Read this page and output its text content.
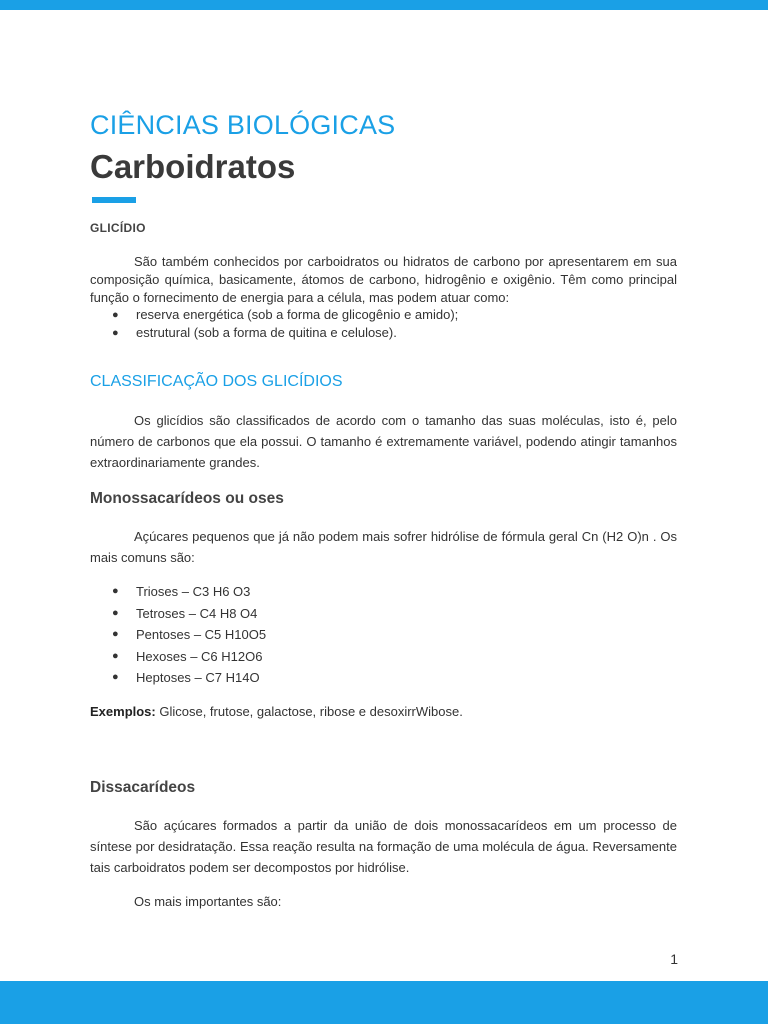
CIÊNCIAS BIOLÓGICAS
Carboidratos
GLICÍDIO

São também conhecidos por carboidratos ou hidratos de carbono por apresentarem em sua composição química, basicamente, átomos de carbono, hidrogênio e oxigênio. Têm como principal função o fornecimento de energia para a célula, mas podem atuar como:

● reserva energética (sob a forma de glicogênio e amido);
● estrutural (sob a forma de quitina e celulose).
CLASSIFICAÇÃO DOS GLICÍDIOS

Os glicídios são classificados de acordo com o tamanho das suas moléculas, isto é, pelo número de carbonos que ela possui. O tamanho é extremamente variável, podendo atingir tamanhos extraordinariamente grandes.

Monossacarídeos ou oses

Açúcares pequenos que já não podem mais sofrer hidrólise de fórmula geral Cn (H2 O)n . Os mais comuns são:

● Trioses – C3 H6 O3
● Tetroses – C4 H8 O4
● Pentoses – C5 H10O5
● Hexoses – C6 H12O6
● Heptoses – C7 H14O
Exemplos: Glicose, frutose, galactose, ribose e desoxirrWibose.
Dissacarídeos

São açúcares formados a partir da união de dois monossacarídeos em um processo de síntese por desidratação. Essa reação resulta na formação de uma molécula de água. Reversamente tais carboidratos podem ser decompostos por hidrólise.

Os mais importantes são:

1
